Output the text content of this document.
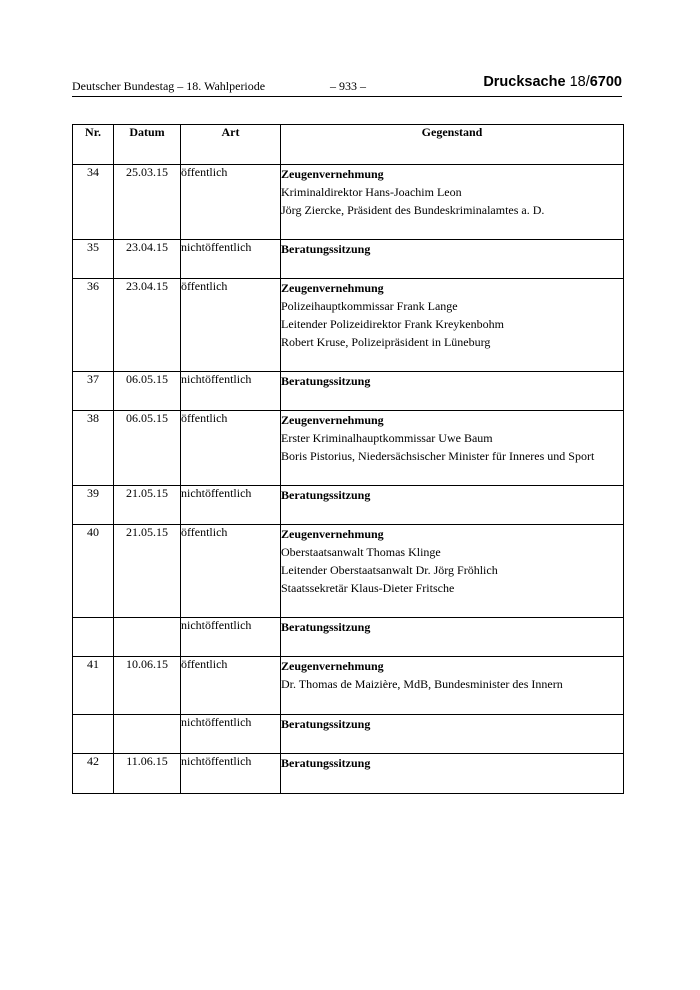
Deutscher Bundestag – 18. Wahlperiode	– 933 –	Drucksache 18/6700
Nr.	Datum	Art	Gegenstand
34	25.03.15	öffentlich	Zeugenvernehmung
Kriminaldirektor Hans-Joachim Leon
Jörg Ziercke, Präsident des Bundeskriminalamtes a. D.

35	23.04.15	nichtöffentlich	Beratungssitzung

36	23.04.15	öffentlich	Zeugenvernehmung
Polizeihauptkommissar Frank Lange
Leitender Polizeidirektor Frank Kreykenbohm
Robert Kruse, Polizeipräsident in Lüneburg

37	06.05.15	nichtöffentlich	Beratungssitzung

38	06.05.15	öffentlich	Zeugenvernehmung
Erster Kriminalhauptkommissar Uwe Baum
Boris Pistorius, Niedersächsischer Minister für Inneres und Sport

39	21.05.15	nichtöffentlich	Beratungssitzung

40	21.05.15	öffentlich	Zeugenvernehmung
Oberstaatsanwalt Thomas Klinge
Leitender Oberstaatsanwalt Dr. Jörg Fröhlich
Staatssekretär Klaus-Dieter Fritsche

		nichtöffentlich	Beratungssitzung

41	10.06.15	öffentlich	Zeugenvernehmung
Dr. Thomas de Maizière, MdB, Bundesminister des Innern

		nichtöffentlich	Beratungssitzung

42	11.06.15	nichtöffentlich	Beratungssitzung
